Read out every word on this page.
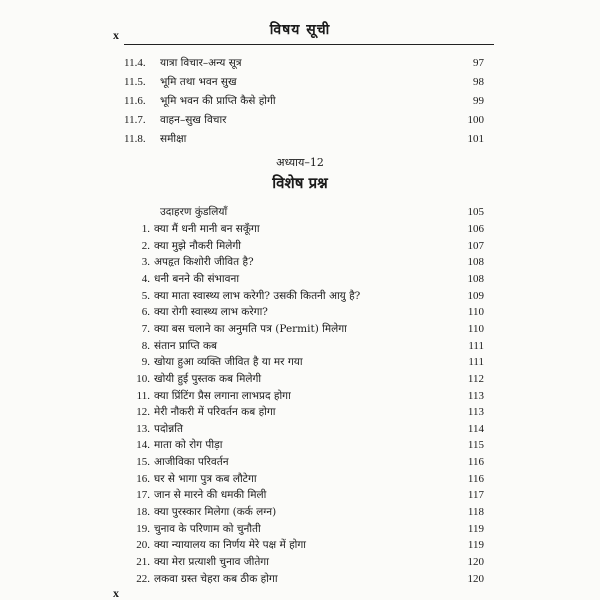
x	विषय सूची
11.4.	यात्रा विचार–अन्य सूत्र	97
11.5.	भूमि तथा भवन सुख	98
11.6.	भूमि भवन की प्राप्ति कैसे होगी	99
11.7.	वाहन–सुख विचार	100
11.8.	समीक्षा	101
अध्याय–12
विशेष प्रश्न
उदाहरण कुंडलियाँ	105
1. क्या मैं धनी मानी बन सकूँगा	106
2. क्या मुझे नौकरी मिलेगी	107
3. अपहृत किशोरी जीवित है?	108
4. धनी बनने की संभावना	108
5. क्या माता स्वास्थ्य लाभ करेगी? उसकी कितनी आयु है?	109
6. क्या रोगी स्वास्थ्य लाभ करेगा?	110
7. क्या बस चलाने का अनुमति पत्र (Permit) मिलेगा	110
8. संतान प्राप्ति कब	111
9. खोया हुआ व्यक्ति जीवित है या मर गया	111
10. खोयी हुई पुस्तक कब मिलेगी	112
11. क्या प्रिंटिंग प्रैस लगाना लाभप्रद होगा	113
12. मेरी नौकरी में परिवर्तन कब होगा	113
13. पदोन्नति	114
14. माता को रोग पीड़ा	115
15. आजीविका परिवर्तन	116
16. घर से भागा पुत्र कब लौटेगा	116
17. जान से मारने की धमकी मिली	117
18. क्या पुरस्कार मिलेगा (कर्क लग्न)	118
19. चुनाव के परिणाम को चुनौती	119
20. क्या न्यायालय का निर्णय मेरे पक्ष में होगा	119
21. क्या मेरा प्रत्याशी चुनाव जीतेगा	120
22. लकवा ग्रस्त चेहरा कब ठीक होगा	120
x
